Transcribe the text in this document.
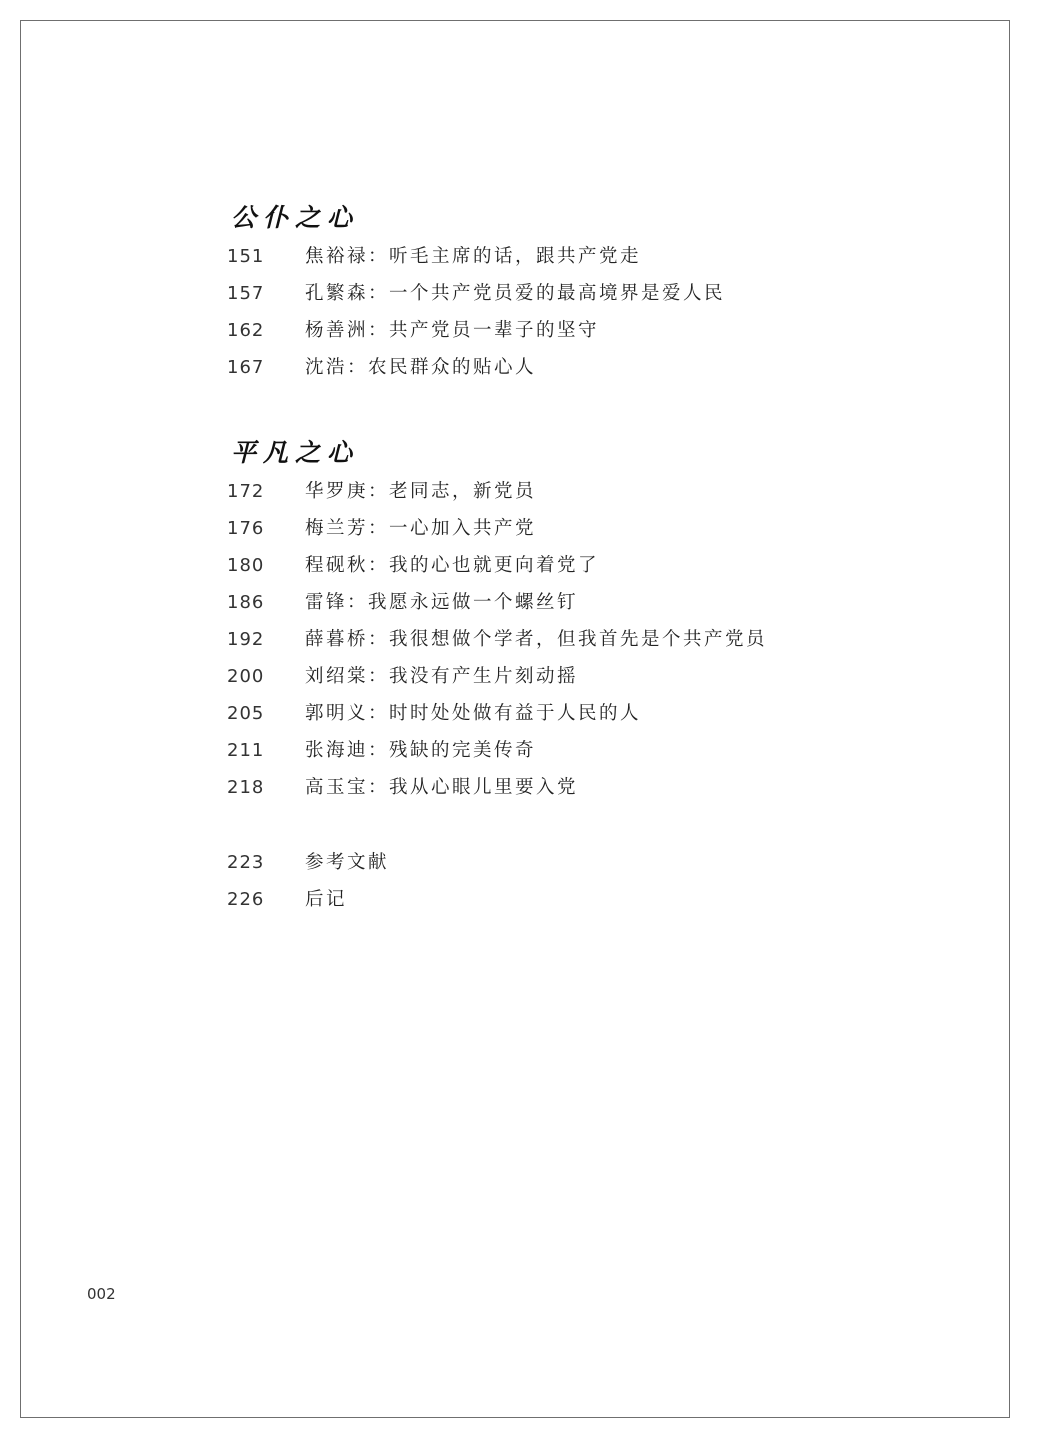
公仆之心
151 焦裕禄：听毛主席的话，跟共产党走
157 孔繁森：一个共产党员爱的最高境界是爱人民
162 杨善洲：共产党员一辈子的坚守
167 沈浩：农民群众的贴心人
平凡之心
172 华罗庚：老同志，新党员
176 梅兰芳：一心加入共产党
180 程砚秋：我的心也就更向着党了
186 雷锋：我愿永远做一个螺丝钉
192 薛暮桥：我很想做个学者，但我首先是个共产党员
200 刘绍棠：我没有产生片刻动摇
205 郭明义：时时处处做有益于人民的人
211 张海迪：残缺的完美传奇
218 高玉宝：我从心眼儿里要入党
223 参考文献
226 后记
002
